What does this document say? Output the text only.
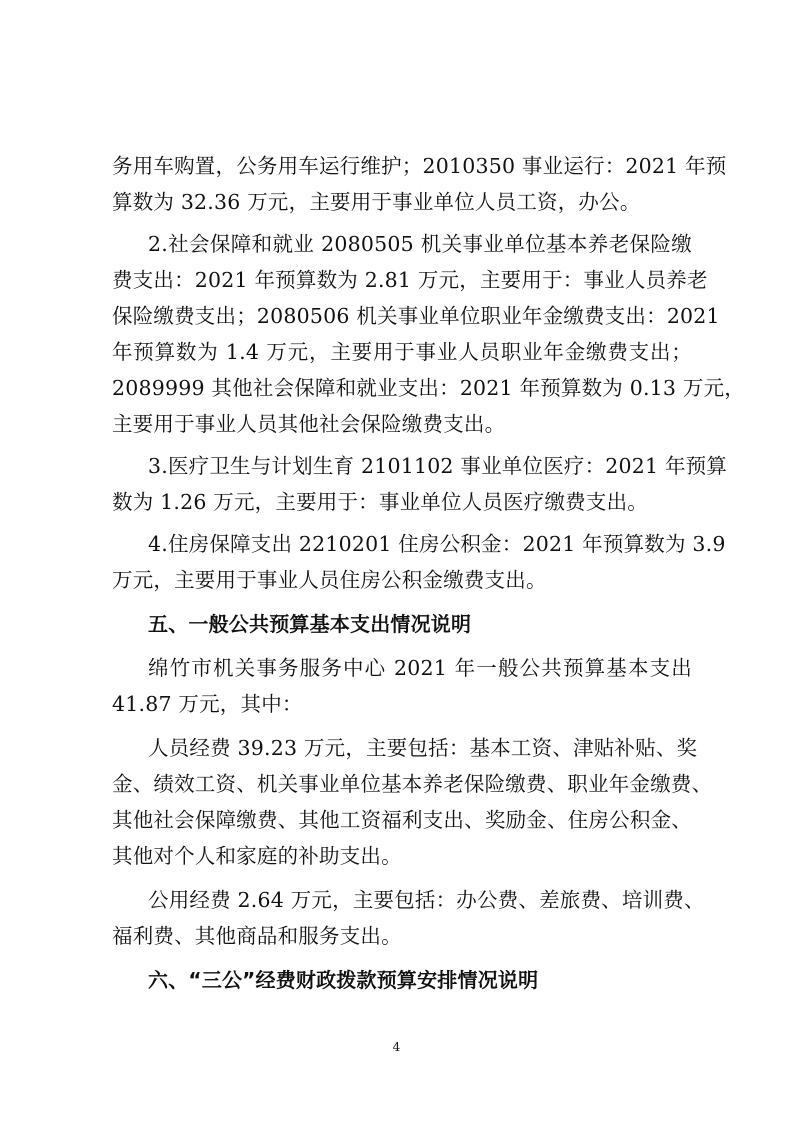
务用车购置，公务用车运行维护；2010350 事业运行：2021 年预
算数为 32.36 万元，主要用于事业单位人员工资，办公。
2.社会保障和就业 2080505 机关事业单位基本养老保险缴
费支出：2021 年预算数为 2.81 万元，主要用于：事业人员养老
保险缴费支出；2080506 机关事业单位职业年金缴费支出：2021
年预算数为 1.4 万元，主要用于事业人员职业年金缴费支出；
2089999 其他社会保障和就业支出：2021 年预算数为 0.13 万元，
主要用于事业人员其他社会保险缴费支出。
3.医疗卫生与计划生育 2101102 事业单位医疗：2021 年预算
数为 1.26 万元，主要用于：事业单位人员医疗缴费支出。
4.住房保障支出 2210201 住房公积金：2021 年预算数为 3.9
万元，主要用于事业人员住房公积金缴费支出。
五、一般公共预算基本支出情况说明
绵竹市机关事务服务中心 2021 年一般公共预算基本支出
41.87 万元，其中：
人员经费 39.23 万元，主要包括：基本工资、津贴补贴、奖
金、绩效工资、机关事业单位基本养老保险缴费、职业年金缴费、
其他社会保障缴费、其他工资福利支出、奖励金、住房公积金、
其他对个人和家庭的补助支出。
公用经费 2.64 万元，主要包括：办公费、差旅费、培训费、
福利费、其他商品和服务支出。
六、“三公”经费财政拨款预算安排情况说明
4
